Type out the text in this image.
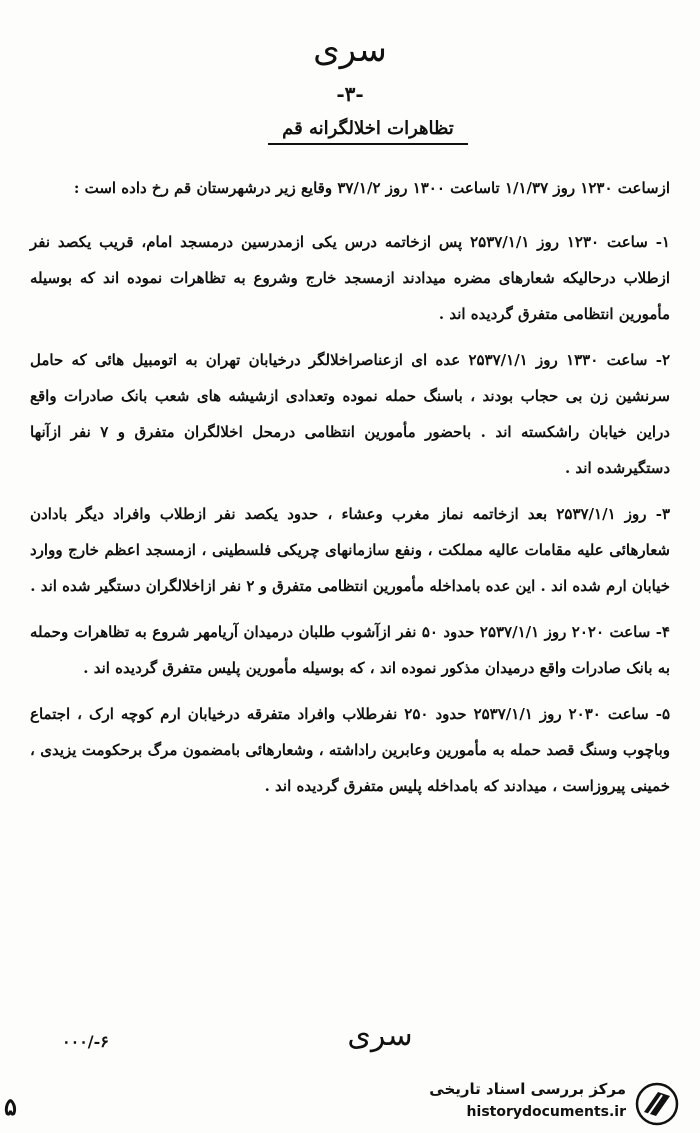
سری
-۳-
تظاهرات اخلالگرانه قم

ازساعت ۱۲۳۰ روز ۱/۱/۳۷ تاساعت ۱۳۰۰ روز ۳۷/۱/۲ وقایع زیر درشهرستان قم رخ داده است :

۱- ساعت ۱۲۳۰ روز ۲۵۳۷/۱/۱ پس ازخاتمه درس یکی ازمدرسین درمسجد امام، قریب یکصد نفر ازطلاب درحالیکه شعارهای مضره میدادند ازمسجد خارج وشروع به تظاهرات نموده اند که بوسیله مأمورین انتظامی متفرق گردیده اند .

۲- ساعت ۱۳۳۰ روز ۲۵۳۷/۱/۱ عده ای ازعناصراخلالگر درخیابان تهران به اتومبیل هائی که حامل سرنشین زن بی حجاب بودند ، باسنگ حمله نموده وتعدادی ازشیشه های شعب بانک صادرات واقع دراین خیابان راشکسته اند . باحضور مأمورین انتظامی درمحل اخلالگران متفرق و ۷ نفر ازآنها دستگیرشده اند .

۳- روز ۲۵۳۷/۱/۱ بعد ازخاتمه نماز مغرب وعشاء ، حدود یکصد نفر ازطلاب وافراد دیگر بادادن شعارهائی علیه مقامات عالیه مملکت ، ونفع سازمانهای چریکی فلسطینی ، ازمسجد اعظم خارج ووارد خیابان ارم شده اند . این عده بامداخله مأمورین انتظامی متفرق و ۲ نفر ازاخلالگران دستگیر شده اند .

۴- ساعت ۲۰۲۰ روز ۲۵۳۷/۱/۱ حدود ۵۰ نفر ازآشوب طلبان درمیدان آریامهر شروع به تظاهرات وحمله به بانک صادرات واقع درمیدان مذکور نموده اند ، که بوسیله مأمورین پلیس متفرق گردیده اند .

۵- ساعت ۲۰۳۰ روز ۲۵۳۷/۱/۱ حدود ۲۵۰ نفرطلاب وافراد متفرقه درخیابان ارم کوچه ارک ، اجتماع وباچوب وسنگ قصد حمله به مأمورین وعابرین راداشته ، وشعارهائی بامضمون مرگ برحکومت یزیدی ، خمینی پیروزاست ، میدادند که بامداخله پلیس متفرق گردیده اند .

سری
۰۰۰/-۶
۵
مرکز بررسی اسناد تاریخی
historydocuments.ir
